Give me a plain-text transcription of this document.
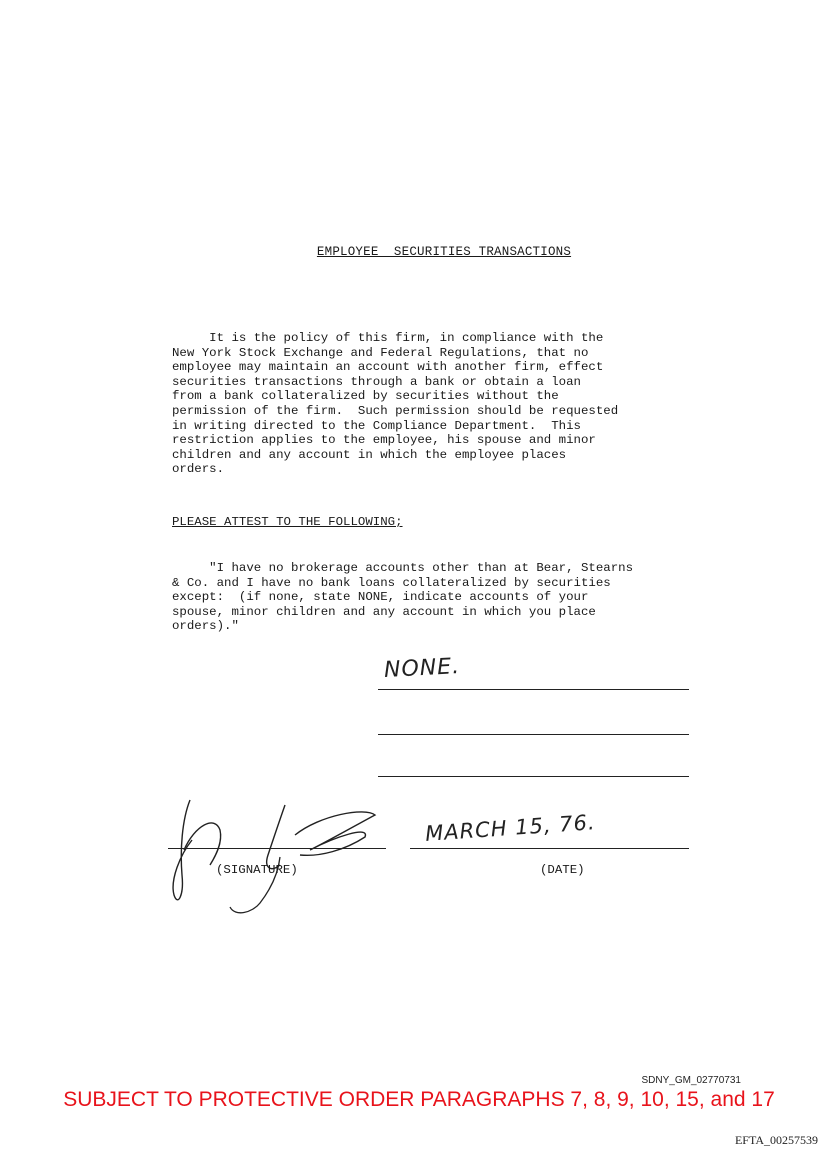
EMPLOYEE  SECURITIES TRANSACTIONS
It is the policy of this firm, in compliance with the
New York Stock Exchange and Federal Regulations, that no
employee may maintain an account with another firm, effect
securities transactions through a bank or obtain a loan
from a bank collateralized by securities without the
permission of the firm.  Such permission should be requested
in writing directed to the Compliance Department.  This
restriction applies to the employee, his spouse and minor
children and any account in which the employee places
orders.
PLEASE ATTEST TO THE FOLLOWING;
"I have no brokerage accounts other than at Bear, Stearns
& Co. and I have no bank loans collateralized by securities
except:  (if none, state NONE, indicate accounts of your
spouse, minor children and any account in which you place
orders)."
NONE.
MARCH 15, 76.
(SIGNATURE)	(DATE)
SDNY_GM_02770731
SUBJECT TO PROTECTIVE ORDER PARAGRAPHS 7, 8, 9, 10, 15, and 17
EFTA_00257539
